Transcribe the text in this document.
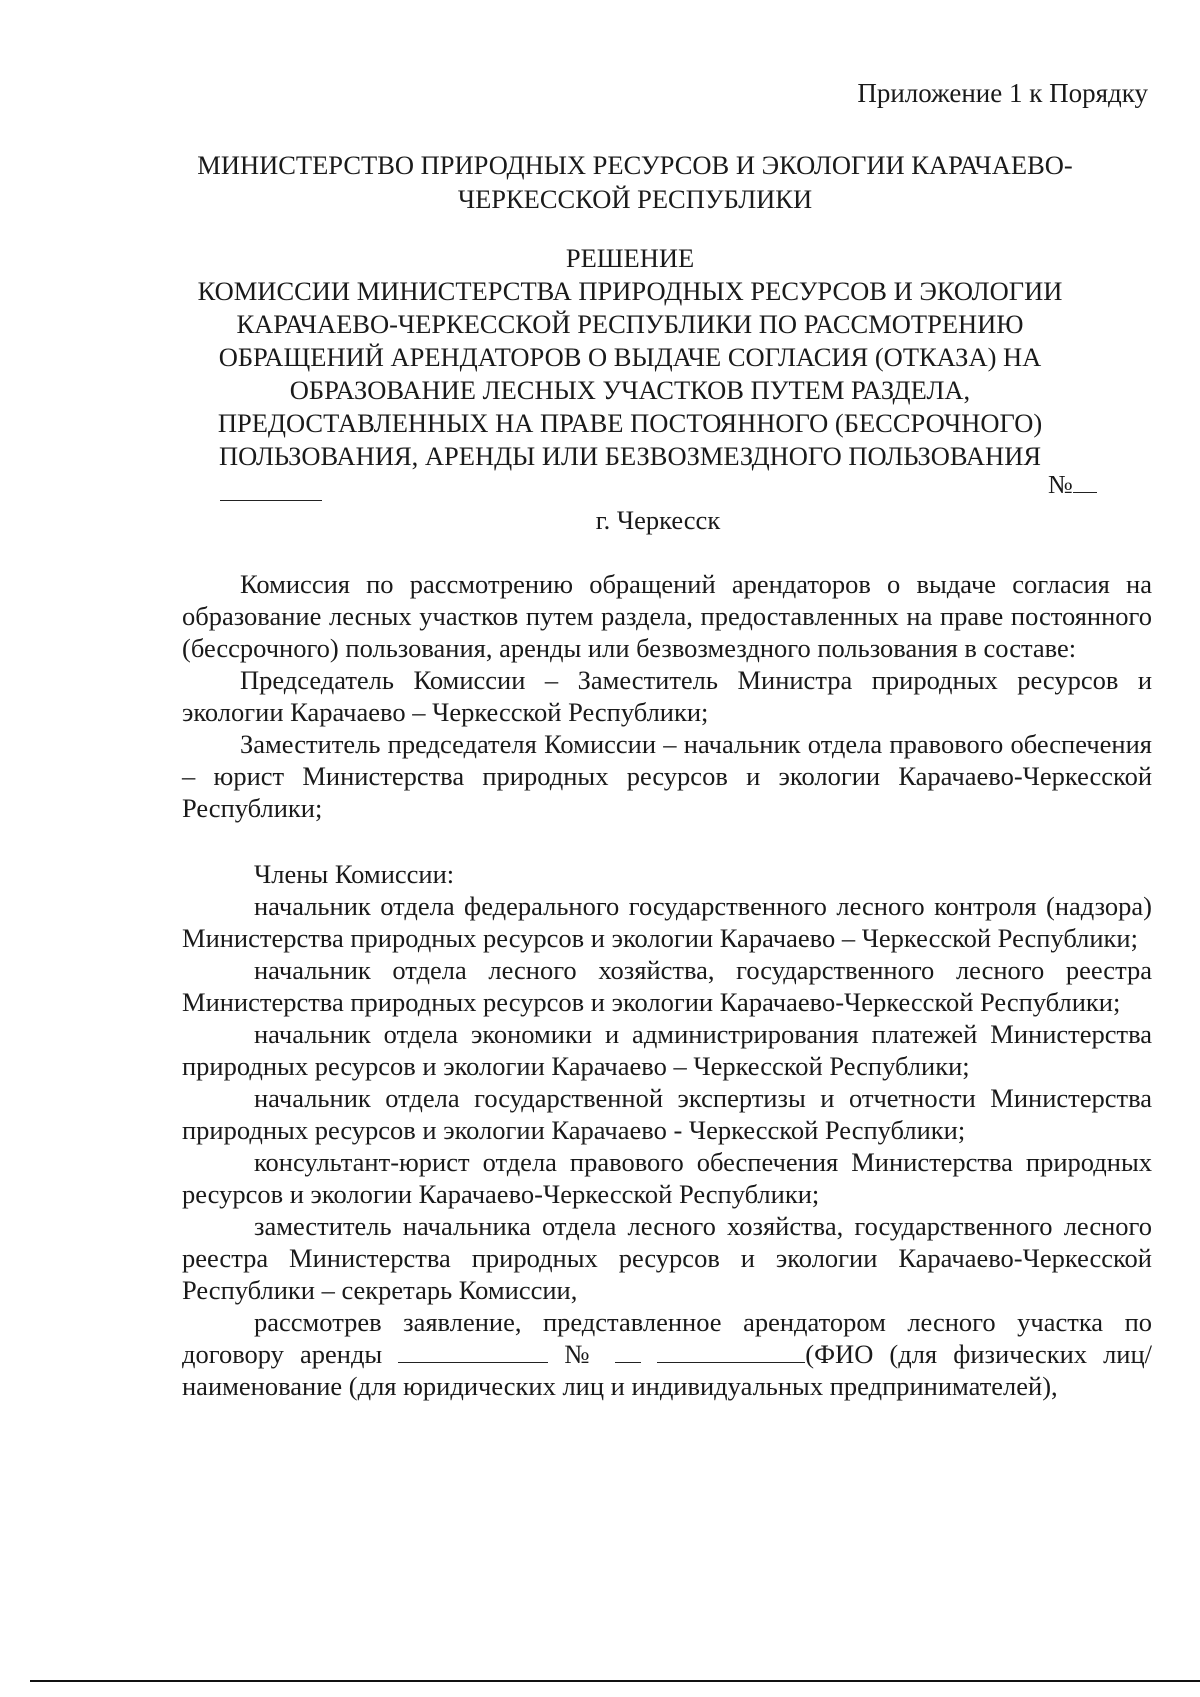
Приложение 1 к Порядку
МИНИСТЕРСТВО ПРИРОДНЫХ РЕСУРСОВ И ЭКОЛОГИИ КАРАЧАЕВО-
ЧЕРКЕССКОЙ РЕСПУБЛИКИ
РЕШЕНИЕ
КОМИССИИ МИНИСТЕРСТВА ПРИРОДНЫХ РЕСУРСОВ И ЭКОЛОГИИ
КАРАЧАЕВО-ЧЕРКЕССКОЙ РЕСПУБЛИКИ ПО РАССМОТРЕНИЮ
ОБРАЩЕНИЙ АРЕНДАТОРОВ О ВЫДАЧЕ СОГЛАСИЯ (ОТКАЗА) НА
ОБРАЗОВАНИЕ ЛЕСНЫХ УЧАСТКОВ ПУТЕМ РАЗДЕЛА,
ПРЕДОСТАВЛЕННЫХ НА ПРАВЕ ПОСТОЯННОГО (БЕССРОЧНОГО)
ПОЛЬЗОВАНИЯ, АРЕНДЫ ИЛИ БЕЗВОЗМЕЗДНОГО ПОЛЬЗОВАНИЯ
№
г. Черкесск

Комиссия по рассмотрению обращений арендаторов о выдаче согласия на образование лесных участков путем раздела, предоставленных на праве постоянного (бессрочного) пользования, аренды или безвозмездного пользования в составе:

Председатель Комиссии – Заместитель Министра природных ресурсов и экологии Карачаево – Черкесской Республики;

Заместитель председателя Комиссии – начальник отдела правового обеспечения – юрист Министерства природных ресурсов и экологии Карачаево-Черкесской Республики;

Члены Комиссии:

начальник отдела федерального государственного лесного контроля (надзора) Министерства природных ресурсов и экологии Карачаево – Черкесской Республики;

начальник отдела лесного хозяйства, государственного лесного реестра Министерства природных ресурсов и экологии Карачаево-Черкесской Республики;

начальник отдела экономики и администрирования платежей Министерства природных ресурсов и экологии Карачаево – Черкесской Республики;

начальник отдела государственной экспертизы и отчетности Министерства природных ресурсов и экологии Карачаево - Черкесской Республики;

консультант-юрист отдела правового обеспечения Министерства природных ресурсов и экологии Карачаево-Черкесской Республики;

заместитель начальника отдела лесного хозяйства, государственного лесного реестра Министерства природных ресурсов и экологии Карачаево-Черкесской Республики – секретарь Комиссии,

рассмотрев заявление, представленное арендатором лесного участка по договору аренды	№	(ФИО (для физических лиц/наименование (для юридических лиц и индивидуальных предпринимателей),
